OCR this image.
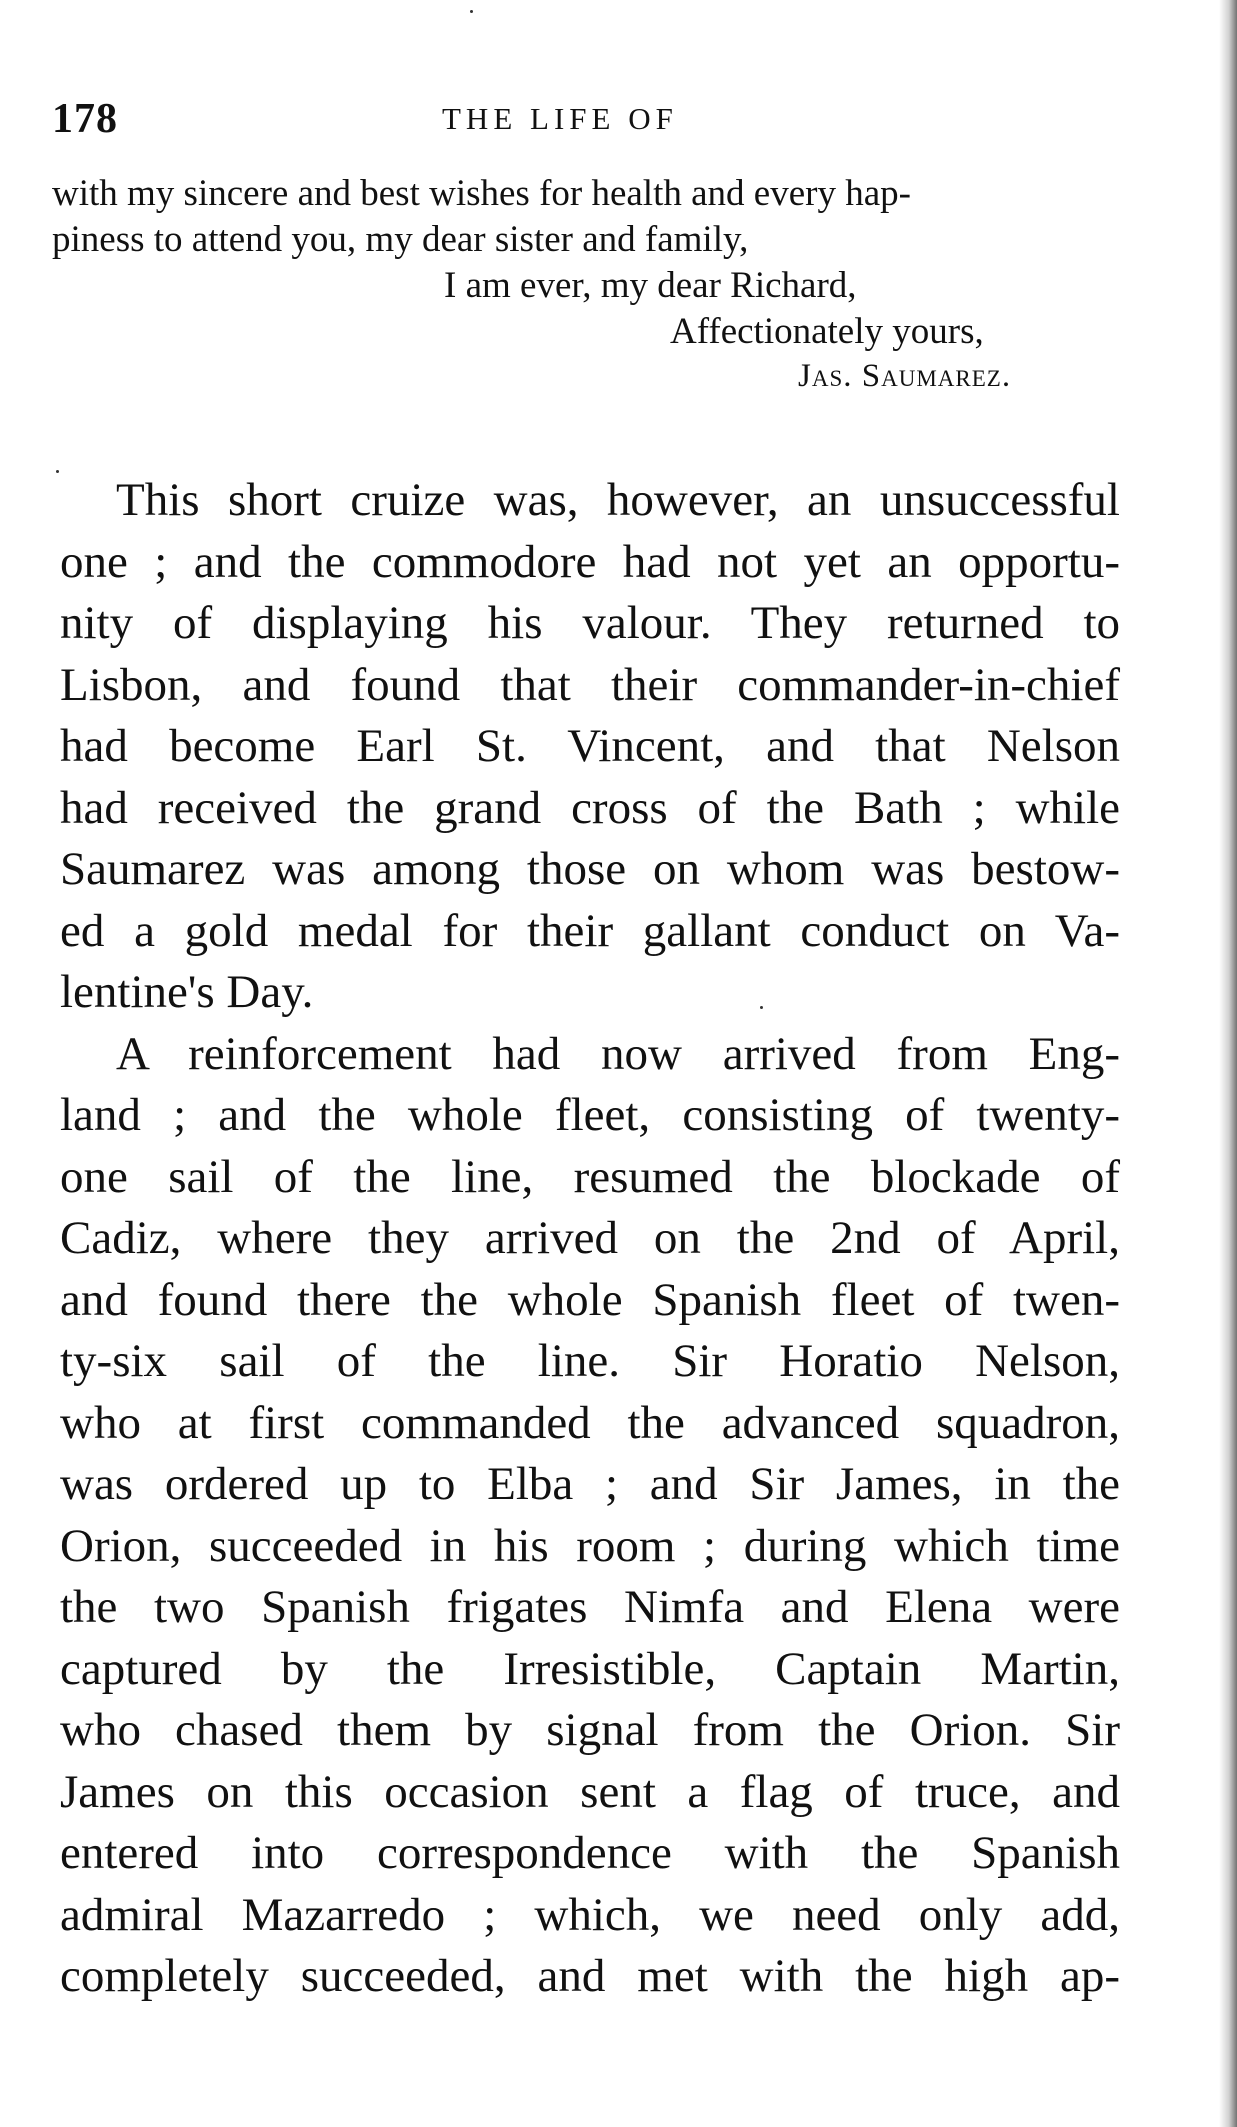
178	THE LIFE OF
with my sincere and best wishes for health and every hap-
piness to attend you, my dear sister and family,
I am ever, my dear Richard,
Affectionately yours,
Jas. Saumarez.
This short cruize was, however, an unsuccessful
one ; and the commodore had not yet an opportu-
nity of displaying his valour. They returned to
Lisbon, and found that their commander-in-chief
had become Earl St. Vincent, and that Nelson
had received the grand cross of the Bath ; while
Saumarez was among those on whom was bestow-
ed a gold medal for their gallant conduct on Va-
lentine's Day.
A reinforcement had now arrived from Eng-
land ; and the whole fleet, consisting of twenty-
one sail of the line, resumed the blockade of
Cadiz, where they arrived on the 2nd of April,
and found there the whole Spanish fleet of twen-
ty-six sail of the line. Sir Horatio Nelson,
who at first commanded the advanced squadron,
was ordered up to Elba ; and Sir James, in the
Orion, succeeded in his room ; during which time
the two Spanish frigates Nimfa and Elena were
captured by the Irresistible, Captain Martin,
who chased them by signal from the Orion. Sir
James on this occasion sent a flag of truce, and
entered into correspondence with the Spanish
admiral Mazarredo ; which, we need only add,
completely succeeded, and met with the high ap-
